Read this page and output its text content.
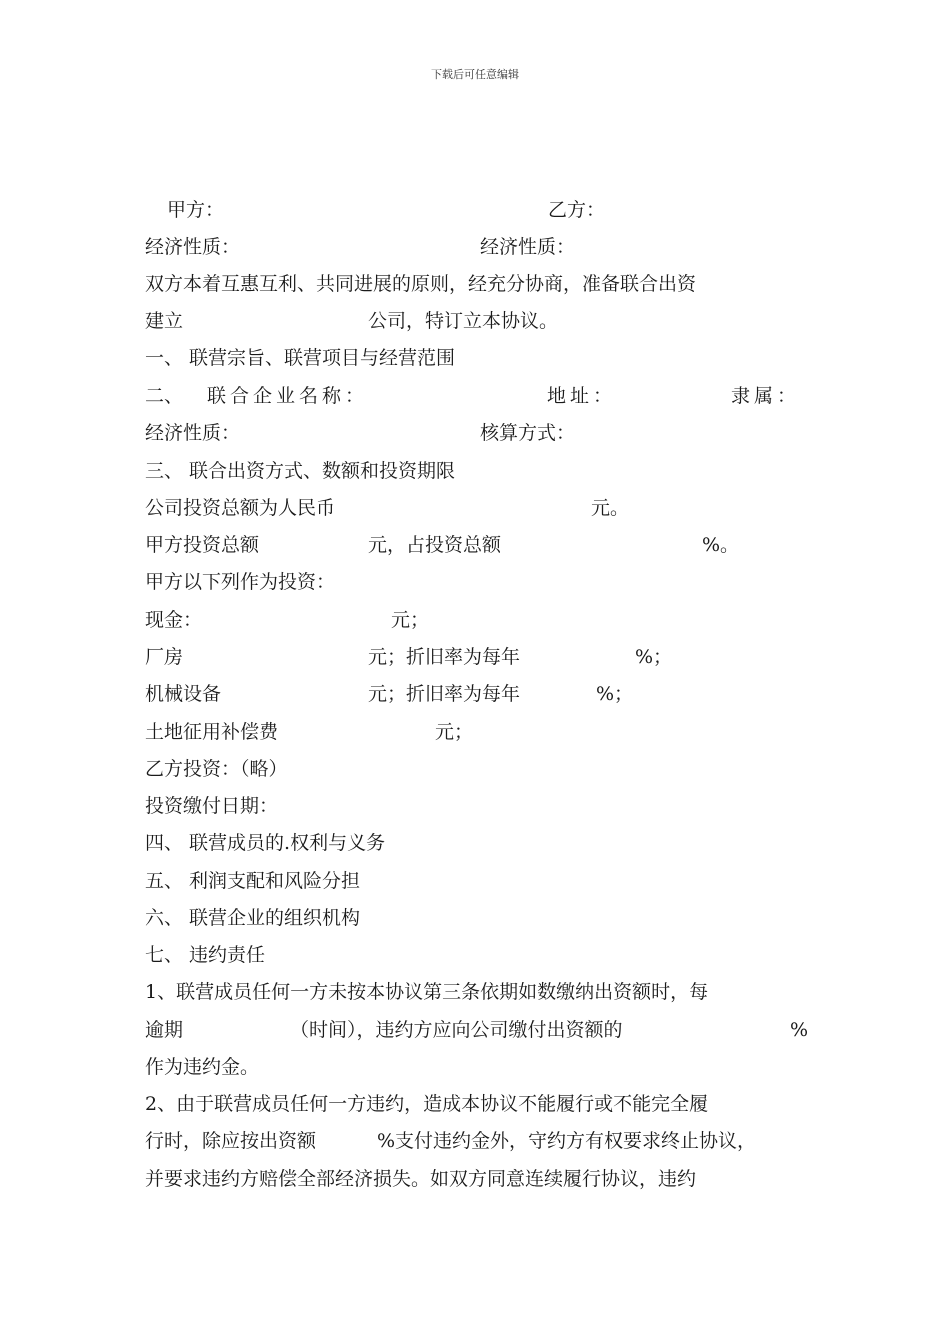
下载后可任意编辑
甲方：	乙方：
经济性质：	经济性质：
双方本着互惠互利、共同进展的原则，经充分协商，准备联合出资
建立	公司，特订立本协议。
一、 联营宗旨、联营项目与经营范围
二、 联合企业名称：	地址：	隶属：
经济性质：	核算方式：
三、 联合出资方式、数额和投资期限
公司投资总额为人民币	元。
甲方投资总额	元，占投资总额	%。
甲方以下列作为投资：
现金：	元；
厂房	元；折旧率为每年	%；
机械设备	元；折旧率为每年	%；
土地征用补偿费	元；
乙方投资：（略）
投资缴付日期：
四、 联营成员的.权利与义务
五、 利润支配和风险分担
六、 联营企业的组织机构
七、 违约责任
1、联营成员任何一方未按本协议第三条依期如数缴纳出资额时，每
逾期	（时间），违约方应向公司缴付出资额的	%
作为违约金。
2、由于联营成员任何一方违约，造成本协议不能履行或不能完全履
行时，除应按出资额	%支付违约金外，守约方有权要求终止协议，
并要求违约方赔偿全部经济损失。如双方同意连续履行协议，违约
